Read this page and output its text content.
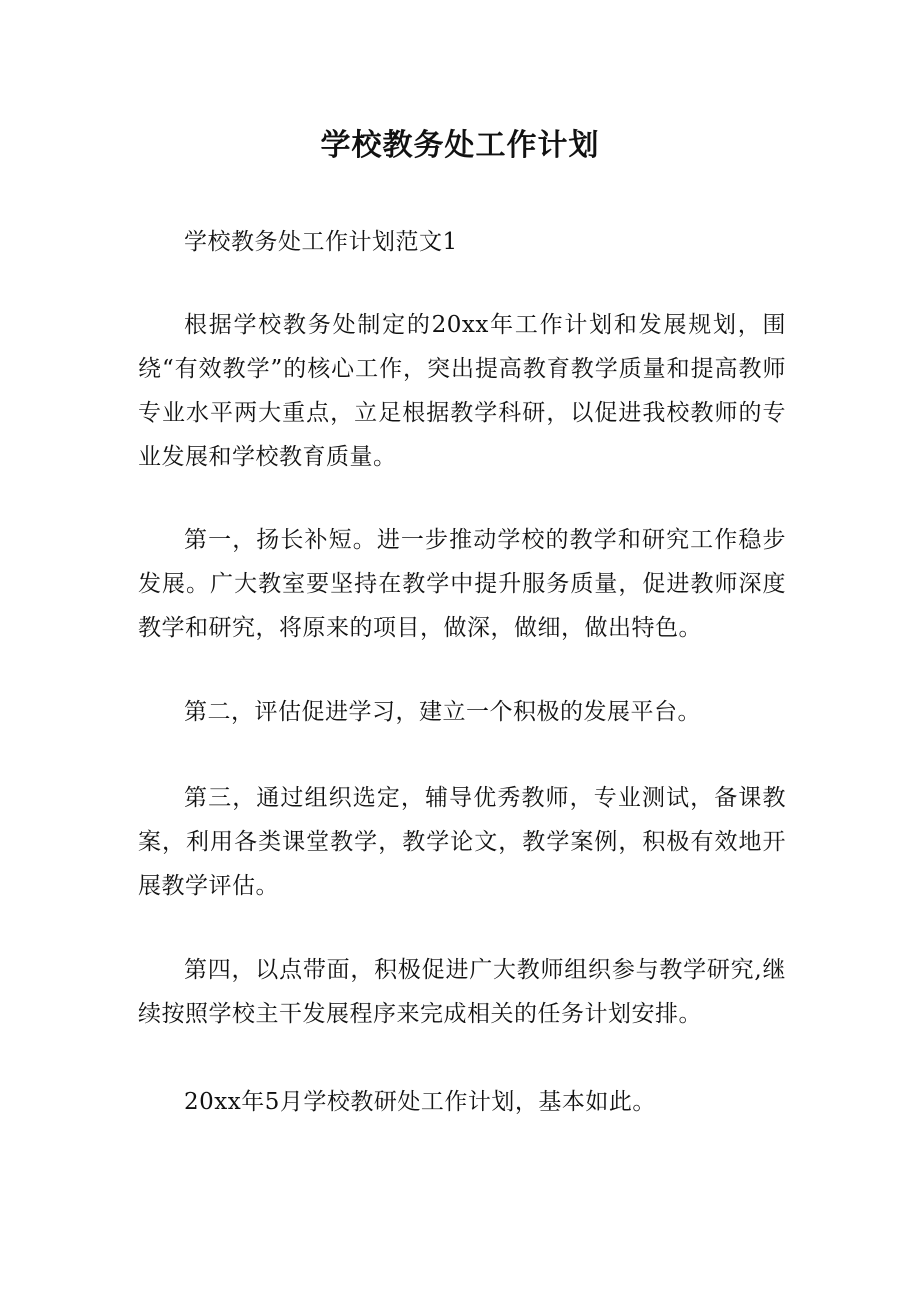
学校教务处工作计划

学校教务处工作计划范文1

根据学校教务处制定的20xx年工作计划和发展规划，围绕“有效教学”的核心工作，突出提高教育教学质量和提高教师专业水平两大重点，立足根据教学科研，以促进我校教师的专业发展和学校教育质量。

第一，扬长补短。进一步推动学校的教学和研究工作稳步发展。广大教室要坚持在教学中提升服务质量，促进教师深度教学和研究，将原来的项目，做深，做细，做出特色。

第二，评估促进学习，建立一个积极的发展平台。

第三，通过组织选定，辅导优秀教师，专业测试，备课教案，利用各类课堂教学，教学论文，教学案例，积极有效地开展教学评估。

第四，以点带面，积极促进广大教师组织参与教学研究,继续按照学校主干发展程序来完成相关的任务计划安排。

20xx年5月学校教研处工作计划，基本如此。
